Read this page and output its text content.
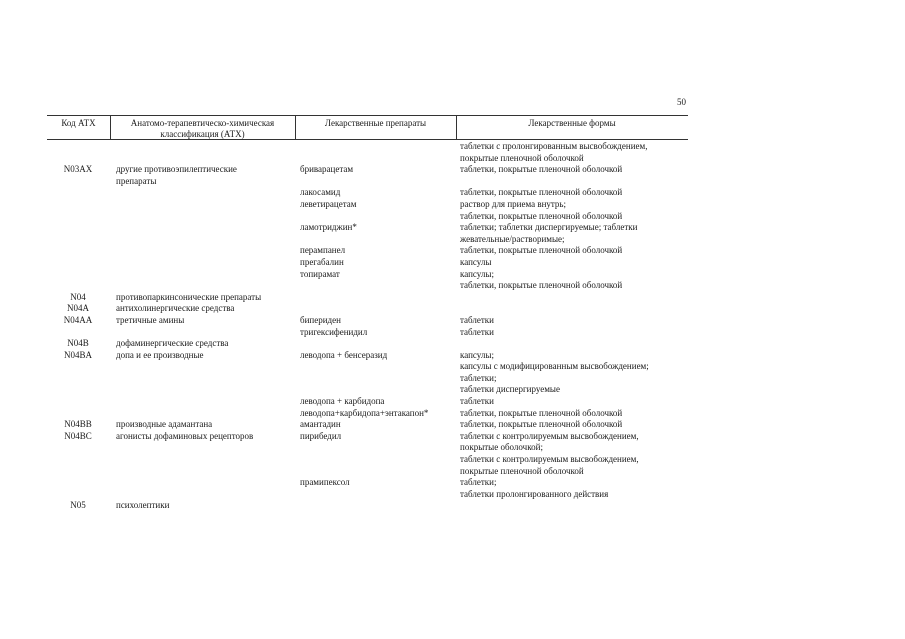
50
Код АТХ	Анатомо-терапевтическо-химическая
классификация (АТХ)
Лекарственные препараты	Лекарственные формы
таблетки с пролонгированным высвобождением,
покрытые пленочной оболочкой
N03AX	другие противоэпилептические	бриварацетам	таблетки, покрытые пленочной оболочкой
препараты
лакосамид	таблетки, покрытые пленочной оболочкой
леветирацетам	раствор для приема внутрь;
таблетки, покрытые пленочной оболочкой
ламотриджин*	таблетки; таблетки диспергируемые; таблетки
жевательные/растворимые;
перампанел	таблетки, покрытые пленочной оболочкой
прегабалин	капсулы
топирамат	капсулы;
таблетки, покрытые пленочной оболочкой
N04	противопаркинсонические препараты
N04A	антихолинергические средства
N04AA	третичные амины	бипериден	таблетки
тригексифенидил	таблетки
N04B	дофаминергические средства
N04BA	допа и ее производные	леводопа + бенсеразид	капсулы;
капсулы с модифицированным высвобождением;
таблетки;
таблетки диспергируемые
леводопа + карбидопа	таблетки
леводопа+карбидопа+энтакапон*	таблетки, покрытые пленочной оболочкой
N04BB	производные адамантана	амантадин	таблетки, покрытые пленочной оболочкой
N04BC	агонисты дофаминовых рецепторов	пирибедил	таблетки с контролируемым высвобождением,
покрытые оболочкой;
таблетки с контролируемым высвобождением,
покрытые пленочной оболочкой
прамипексол	таблетки;
таблетки пролонгированного действия
N05	психолептики
